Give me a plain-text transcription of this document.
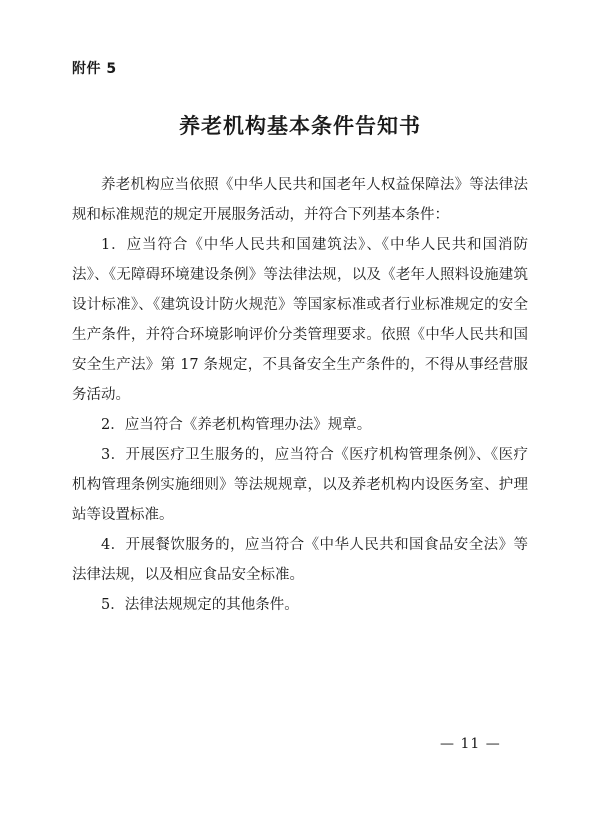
附件 5
养老机构基本条件告知书

养老机构应当依照《中华人民共和国老年人权益保障法》等法律法规和标准规范的规定开展服务活动，并符合下列基本条件：

1．应当符合《中华人民共和国建筑法》、《中华人民共和国消防法》、《无障碍环境建设条例》等法律法规，以及《老年人照料设施建筑设计标准》、《建筑设计防火规范》等国家标准或者行业标准规定的安全生产条件，并符合环境影响评价分类管理要求。依照《中华人民共和国安全生产法》第 17 条规定，不具备安全生产条件的，不得从事经营服务活动。

2．应当符合《养老机构管理办法》规章。

3．开展医疗卫生服务的，应当符合《医疗机构管理条例》、《医疗机构管理条例实施细则》等法规规章，以及养老机构内设医务室、护理站等设置标准。

4．开展餐饮服务的，应当符合《中华人民共和国食品安全法》等法律法规，以及相应食品安全标准。

5．法律法规规定的其他条件。

— 11 —
